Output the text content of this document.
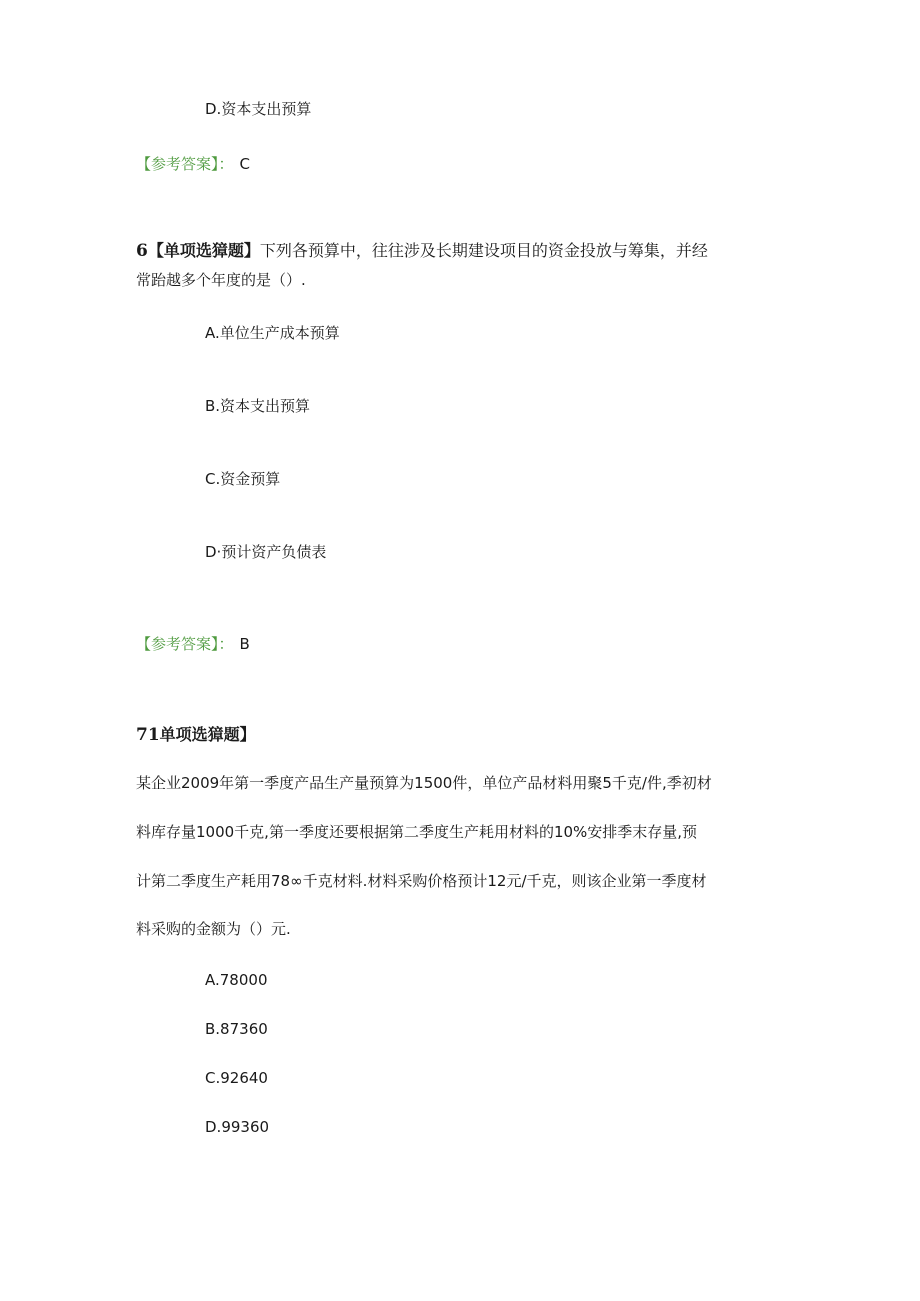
D.资本支出预算
【参考答案】： C
6【单项选獐题】下列各预算中，往往涉及长期建设项目的资金投放与筹集，并经
常跆越多个年度的是（）.
A.单位生产成本预算
B.资本支出预算
C.资金预算
D·预计资产负债表
【参考答案】： B
71单项选獐题】
某企业2009年第一季度产品生产量预算为1500件，单位产品材料用聚5千克/件,季初材
料库存量1000千克,第一季度还要根据第二季度生产耗用材料的10%安排季末存量,预
计第二季度生产耗用78∞千克材料.材料采购价格预计12元/千克，则该企业第一季度材
料采购的金额为（）元.
A.78000
B.87360
C.92640
D.99360
